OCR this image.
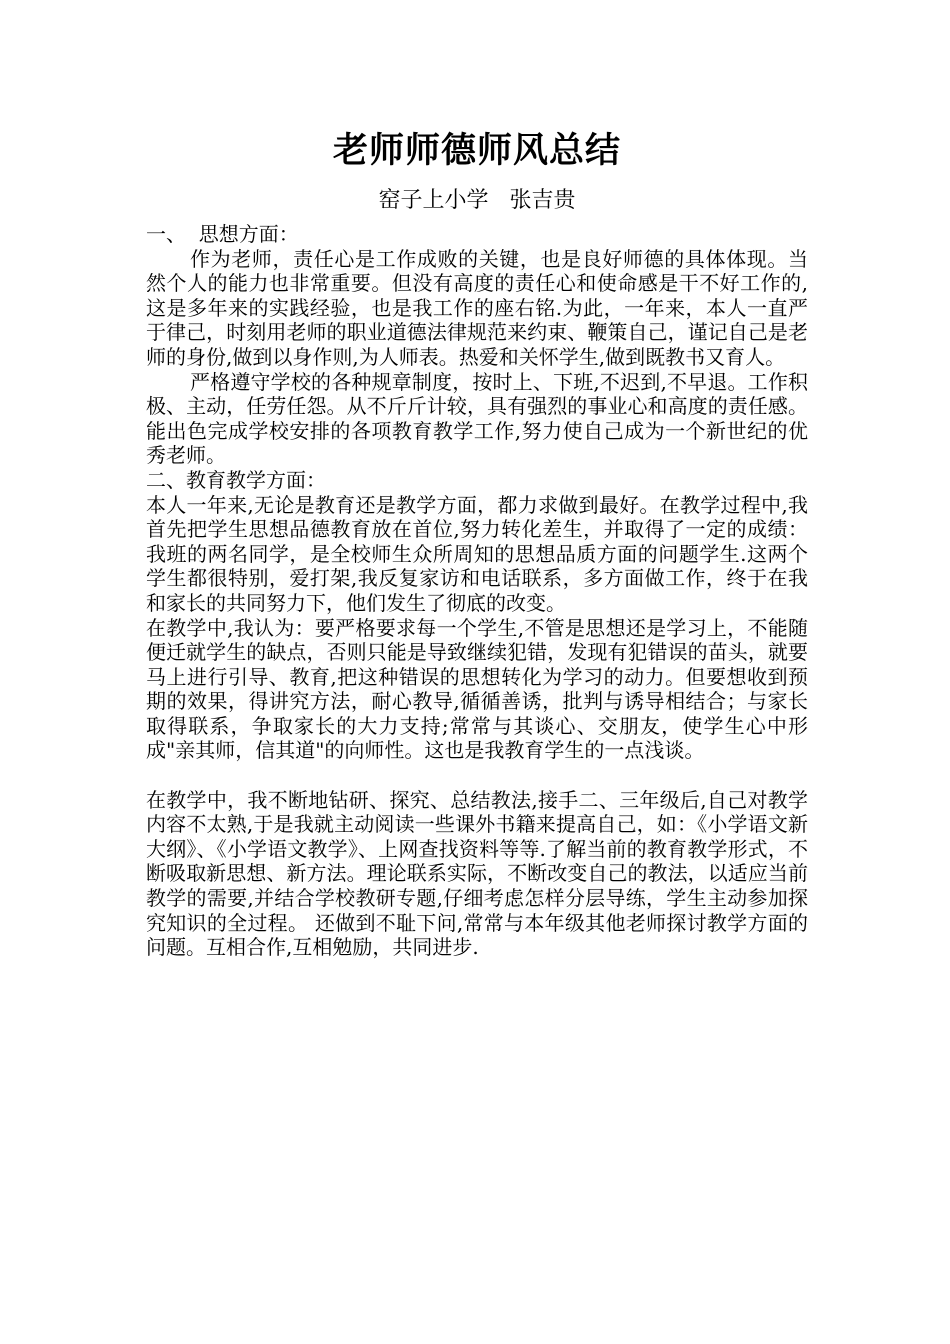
老师师德师风总结
窑子上小学   张吉贵
一、  思想方面：

作为老师，责任心是工作成败的关键，也是良好师德的具体体现。当然个人的能力也非常重要。但没有高度的责任心和使命感是干不好工作的,这是多年来的实践经验，也是我工作的座右铭.为此，一年来，本人一直严于律己，时刻用老师的职业道德法律规范来约束、鞭策自己，谨记自己是老师的身份,做到以身作则,为人师表。热爱和关怀学生,做到既教书又育人。

严格遵守学校的各种规章制度，按时上、下班,不迟到,不早退。工作积极、主动，任劳任怨。从不斤斤计较，具有强烈的事业心和高度的责任感。能出色完成学校安排的各项教育教学工作,努力使自己成为一个新世纪的优秀老师。

二、教育教学方面：

本人一年来,无论是教育还是教学方面，都力求做到最好。在教学过程中,我首先把学生思想品德教育放在首位,努力转化差生，并取得了一定的成绩：我班的两名同学，是全校师生众所周知的思想品质方面的问题学生.这两个学生都很特别，爱打架,我反复家访和电话联系，多方面做工作，终于在我和家长的共同努力下，他们发生了彻底的改变。

在教学中,我认为：要严格要求每一个学生,不管是思想还是学习上，不能随便迁就学生的缺点，否则只能是导致继续犯错，发现有犯错误的苗头，就要马上进行引导、教育,把这种错误的思想转化为学习的动力。但要想收到预期的效果，得讲究方法，耐心教导,循循善诱，批判与诱导相结合；与家长取得联系，争取家长的大力支持;常常与其谈心、交朋友，使学生心中形成"亲其师，信其道"的向师性。这也是我教育学生的一点浅谈。

在教学中，我不断地钻研、探究、总结教法,接手二、三年级后,自己对教学内容不太熟,于是我就主动阅读一些课外书籍来提高自己，如：《小学语文新大纲》、《小学语文教学》、上网查找资料等等.了解当前的教育教学形式，不断吸取新思想、新方法。理论联系实际，不断改变自己的教法，以适应当前教学的需要,并结合学校教研专题,仔细考虑怎样分层导练，学生主动参加探究知识的全过程。 还做到不耻下问,常常与本年级其他老师探讨教学方面的问题。互相合作,互相勉励，共同进步.
